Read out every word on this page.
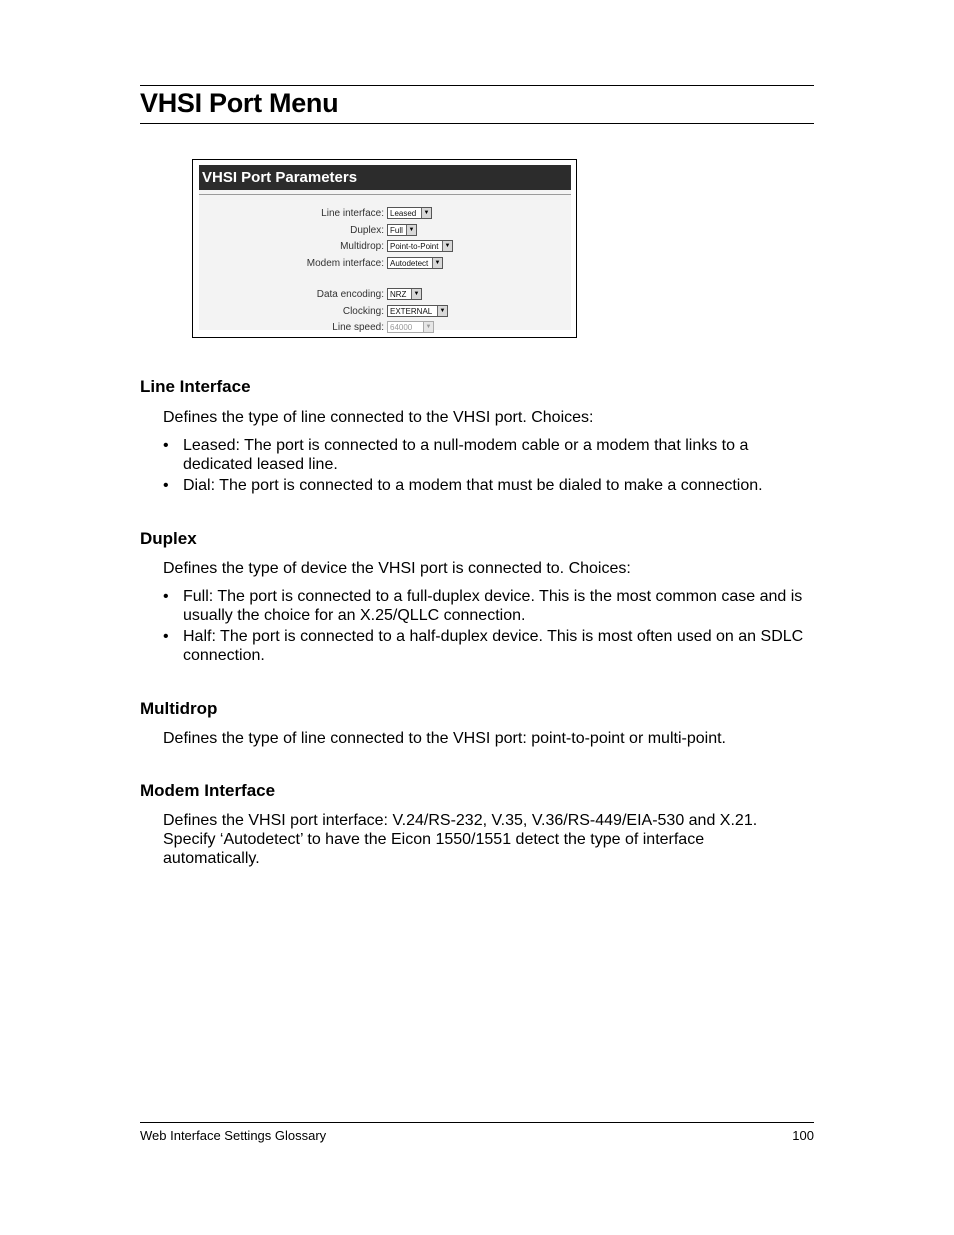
VHSI Port Menu
VHSI Port Parameters
Line interface: Leased	▼
Duplex: Full ▼
Multidrop: Point-to-Point	▼
Modem interface: Autodetect	▼
Data encoding: NRZ	▼
Clocking: EXTERNAL	▼
Line speed: 64000	▼
Line Interface

Defines the type of line connected to the VHSI port. Choices:

• Leased: The port is connected to a null-modem cable or a modem that links to a dedicated leased line.
• Dial: The port is connected to a modem that must be dialed to make a connection.
Duplex

Defines the type of device the VHSI port is connected to. Choices:

• Full: The port is connected to a full-duplex device. This is the most common case and is usually the choice for an X.25/QLLC connection.
• Half: The port is connected to a half-duplex device. This is most often used on an SDLC connection.
Multidrop

Defines the type of line connected to the VHSI port: point-to-point or multi-point.

Modem Interface

Defines the VHSI port interface: V.24/RS-232, V.35, V.36/RS-449/EIA-530 and X.21. Specify ‘Autodetect’ to have the Eicon 1550/1551 detect the type of interface automatically.

Web Interface Settings Glossary	100
